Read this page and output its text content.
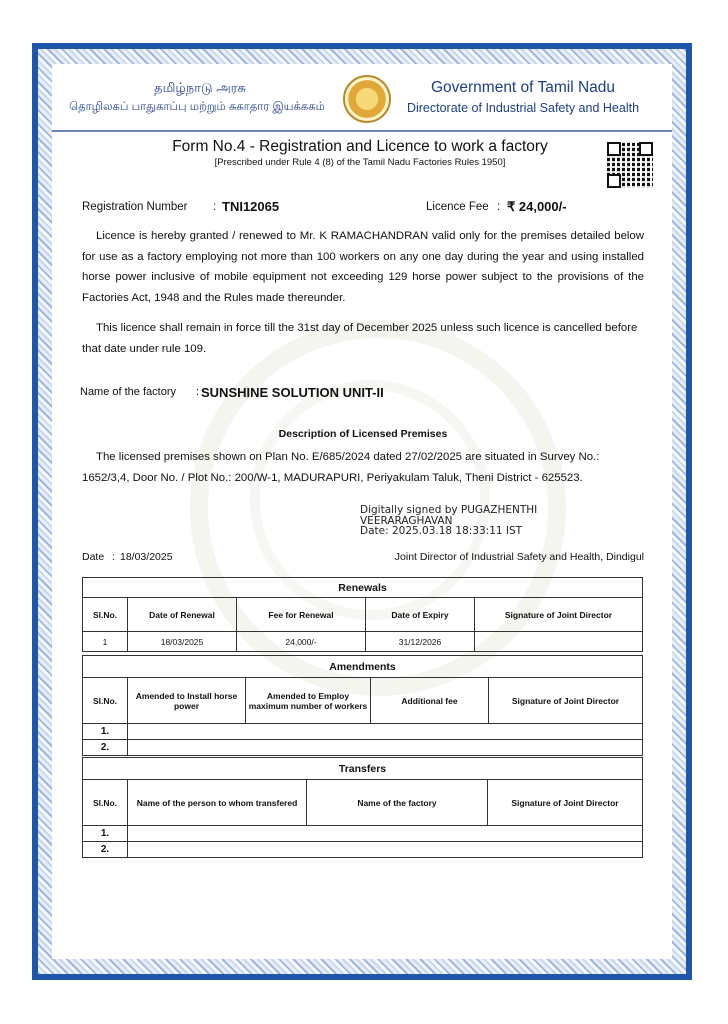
தமிழ்நாடு அரசு
தொழிலகப் பாதுகாப்பு மற்றும் சுகாதார இயக்ககம்
Government of Tamil Nadu
Directorate of Industrial Safety and Health
Form No.4 - Registration and Licence to work a factory
[Prescribed under Rule 4 (8) of the Tamil Nadu Factories Rules 1950]
Registration Number : TNI12065	Licence Fee : ₹ 24,000/-
Licence is hereby granted / renewed to Mr. K RAMACHANDRAN valid only for the premises detailed below for use as a factory employing not more than 100 workers on any one day during the year and using installed horse power inclusive of mobile equipment not exceeding 129 horse power subject to the provisions of the Factories Act, 1948 and the Rules made thereunder.
This licence shall remain in force till the 31st day of December 2025 unless such licence is cancelled before that date under rule 109.
Name of the factory : SUNSHINE SOLUTION UNIT-II
Description of Licensed Premises
The licensed premises shown on Plan No. E/685/2024 dated 27/02/2025 are situated in Survey No.: 1652/3,4, Door No. / Plot No.: 200/W-1, MADURAPURI, Periyakulam Taluk, Theni District - 625523.
Digitally signed by PUGAZHENTHI
VEERARAGHAVAN
Date: 2025.03.18 18:33:11 IST
Date : 18/03/2025	Joint Director of Industrial Safety and Health, Dindigul
Renewals				
Sl.No.	Date of Renewal	Fee for Renewal	Date of Expiry	Signature of Joint Director
1	18/03/2025	24,000/-	31/12/2026	
Amendments				
Sl.No.	Amended to Install horse power	Amended to Employ maximum number of workers	Additional fee	Signature of Joint Director
1.				
2.				
Transfers			
Sl.No.	Name of the person to whom transfered	Name of the factory	Signature of Joint Director
1.			
2.			
